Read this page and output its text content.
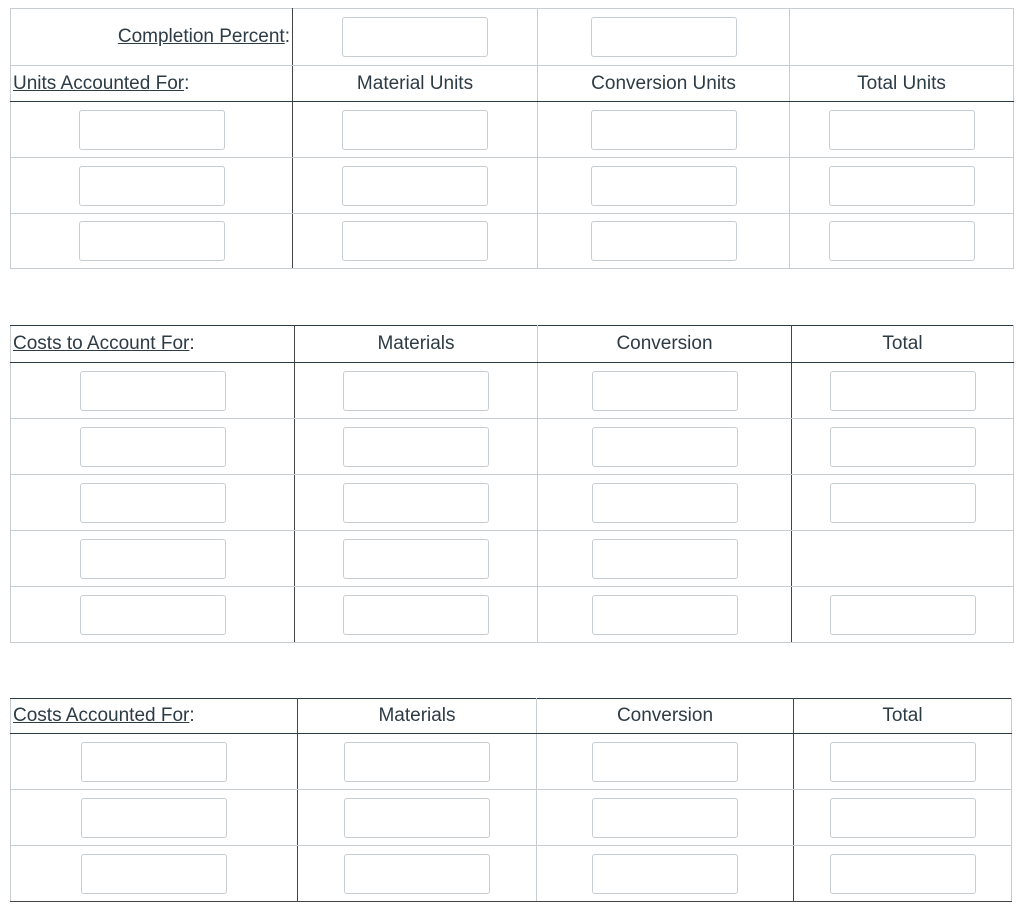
Completion Percent:			
Units Accounted For:	Material Units	Conversion Units	Total Units

Costs to Account For:	Materials	Conversion	Total

Costs Accounted For:	Materials	Conversion	Total
